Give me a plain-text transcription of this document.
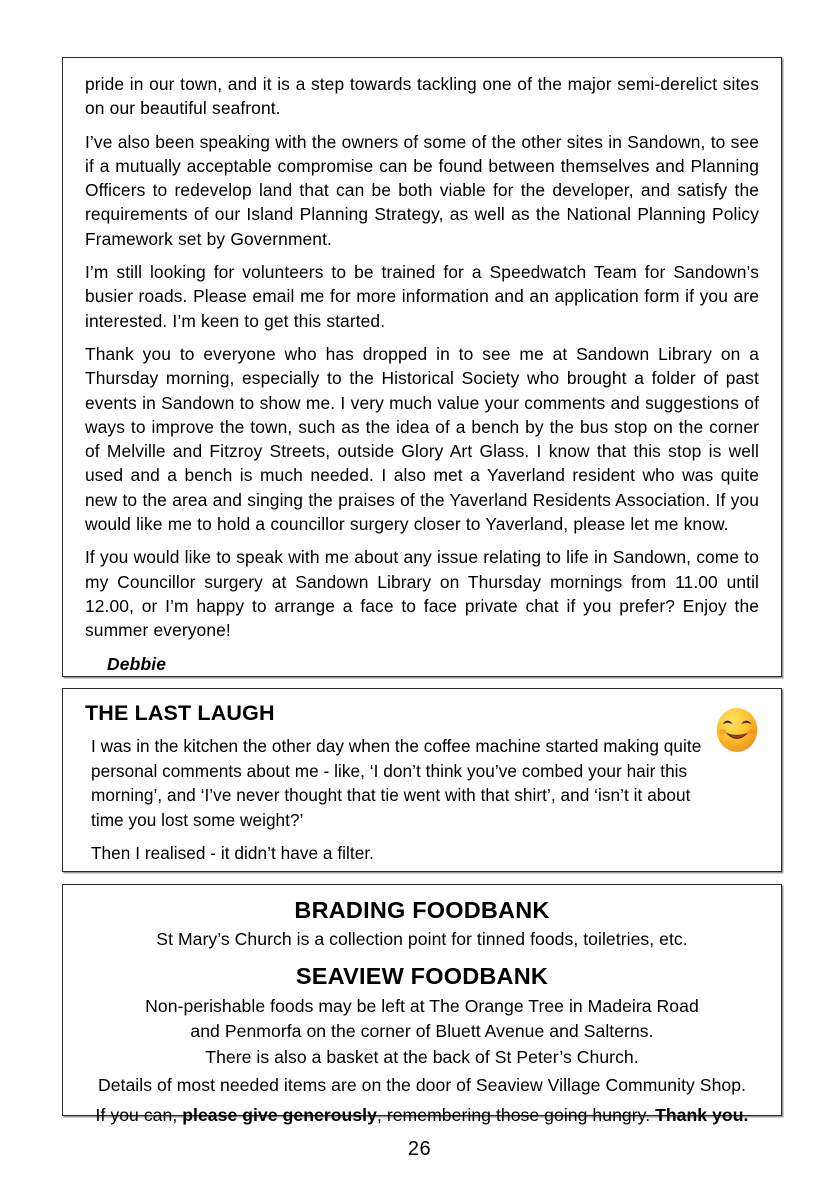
pride in our town, and it is a step towards tackling one of the major semi-derelict sites on our beautiful seafront.

I’ve also been speaking with the owners of some of the other sites in Sandown, to see if a mutually acceptable compromise can be found between themselves and Planning Officers to redevelop land that can be both viable for the developer, and satisfy the requirements of our Island Planning Strategy, as well as the National Planning Policy Framework set by Government.

I’m still looking for volunteers to be trained for a Speedwatch Team for Sandown’s busier roads. Please email me for more information and an application form if you are interested. I’m keen to get this started.

Thank you to everyone who has dropped in to see me at Sandown Library on a Thursday morning, especially to the Historical Society who brought a folder of past events in Sandown to show me. I very much value your comments and suggestions of ways to improve the town, such as the idea of a bench by the bus stop on the corner of Melville and Fitzroy Streets, outside Glory Art Glass. I know that this stop is well used and a bench is much needed. I also met a Yaverland resident who was quite new to the area and singing the praises of the Yaverland Residents Association. If you would like me to hold a councillor surgery closer to Yaverland, please let me know.

If you would like to speak with me about any issue relating to life in Sandown, come to my Councillor surgery at Sandown Library on Thursday mornings from 11.00 until 12.00, or I’m happy to arrange a face to face private chat if you prefer? Enjoy the summer everyone!

Debbie

THE LAST LAUGH

I was in the kitchen the other day when the coffee machine started making quite personal comments about me - like, ‘I don’t think you’ve combed your hair this morning’, and ‘I’ve never thought that tie went with that shirt’, and ‘isn’t it about time you lost some weight?’

Then I realised - it didn’t have a filter.

BRADING FOODBANK

St Mary’s Church is a collection point for tinned foods, toiletries, etc.

SEAVIEW FOODBANK

Non-perishable foods may be left at The Orange Tree in Madeira Road

and Penmorfa on the corner of Bluett Avenue and Salterns.

There is also a basket at the back of St Peter’s Church.

Details of most needed items are on the door of Seaview Village Community Shop.

If you can, please give generously, remembering those going hungry. Thank you.

26
